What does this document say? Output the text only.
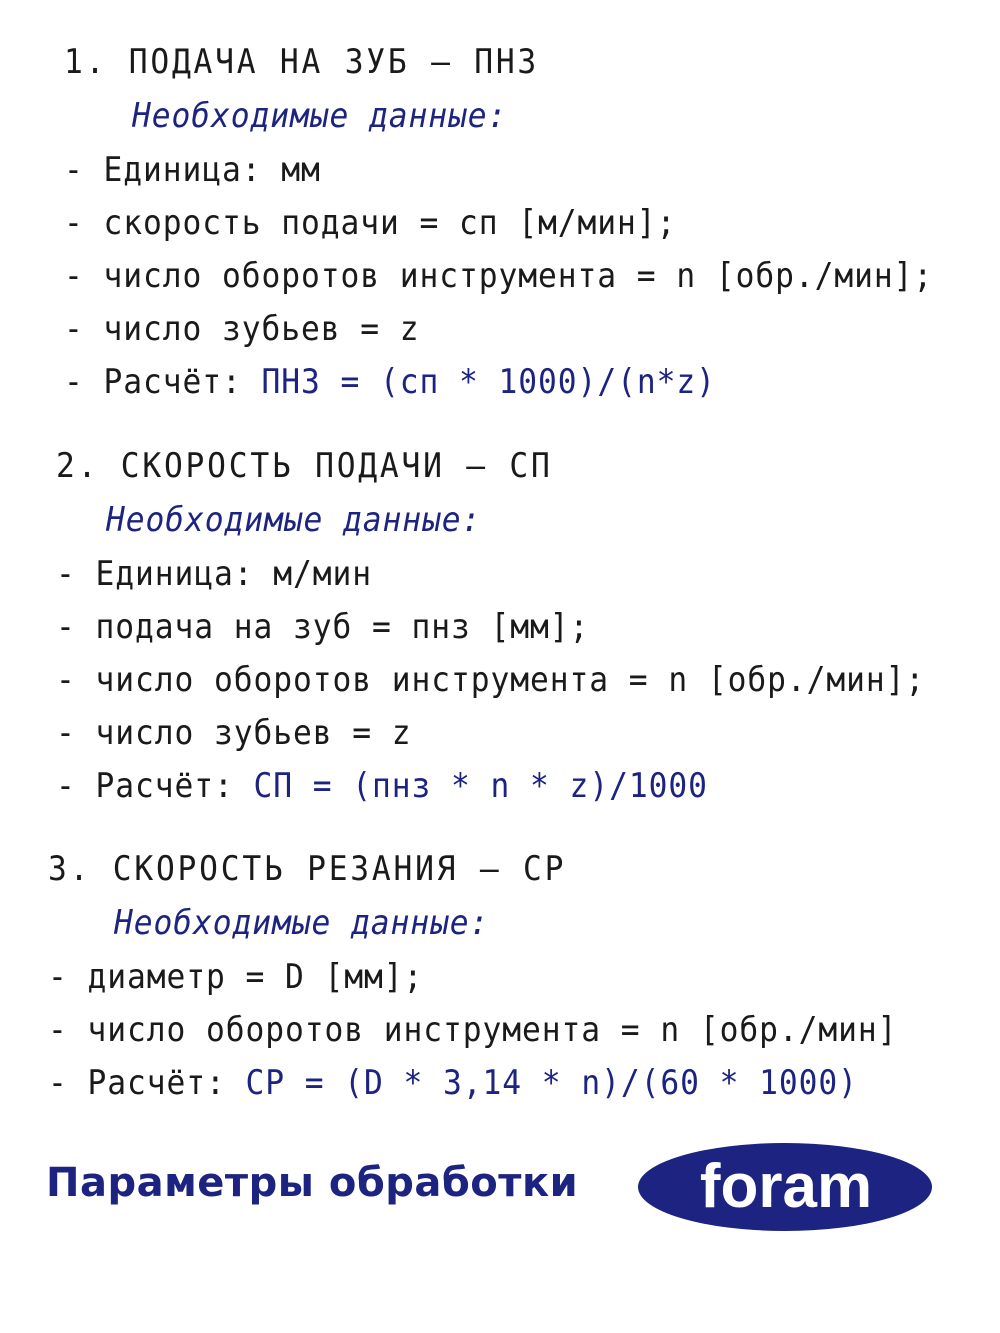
1. ПОДАЧА НА ЗУБ – ПНЗ
Необходимые данные:
- Единица: мм
- скорость подачи = сп [м/мин];
- число оборотов инструмента = n [обр./мин];
- число зубьев = z
- Расчёт: ПНЗ = (сп * 1000)/(n*z)
2. СКОРОСТЬ ПОДАЧИ – СП
Необходимые данные:
- Единица: м/мин
- подача на зуб = пнз [мм];
- число оборотов инструмента = n [обр./мин];
- число зубьев = z
- Расчёт: СП = (пнз * n * z)/1000
3. СКОРОСТЬ РЕЗАНИЯ – СР
Необходимые данные:
- диаметр = D [мм];
- число оборотов инструмента = n [обр./мин]
- Расчёт: СР = (D * 3,14 * n)/(60 * 1000)
Параметры обработки foram
